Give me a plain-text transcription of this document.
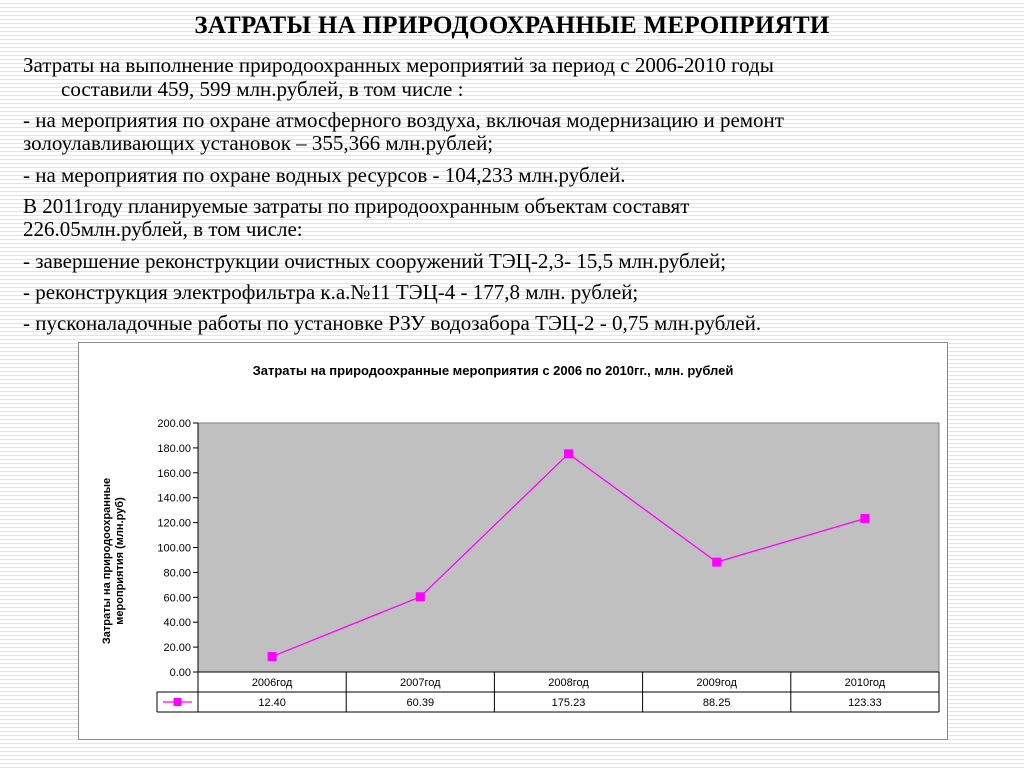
ЗАТРАТЫ НА ПРИРОДООХРАННЫЕ МЕРОПРИЯТИ
Затраты на выполнение природоохранных мероприятий за период с 2006-2010 годы
составили 459, 599 млн.рублей, в том числе :
- на мероприятия по охране атмосферного воздуха, включая модернизацию и ремонт
золоулавливающих установок – 355,366 млн.рублей;
- на мероприятия по охране водных ресурсов - 104,233 млн.рублей.
В 2011году планируемые затраты по природоохранным объектам составят
226.05млн.рублей, в том числе:
- завершение реконструкции очистных сооружений ТЭЦ-2,3- 15,5 млн.рублей;
- реконструкция электрофильтра к.а.№11 ТЭЦ-4 - 177,8 млн. рублей;
- пусконаладочные работы по установке РЗУ водозабора ТЭЦ-2 - 0,75 млн.рублей.
Затраты на природоохранные мероприятия с 2006 по 2010гг., млн. рублей
Затраты на природоохранные мероприятия (млн.руб)
0.00
20.00
40.00
60.00
80.00
100.00
120.00
140.00
160.00
180.00
200.00
2006год
12.40
2007год
60.39
2008год
175.23
2009год
88.25
2010год
123.33
